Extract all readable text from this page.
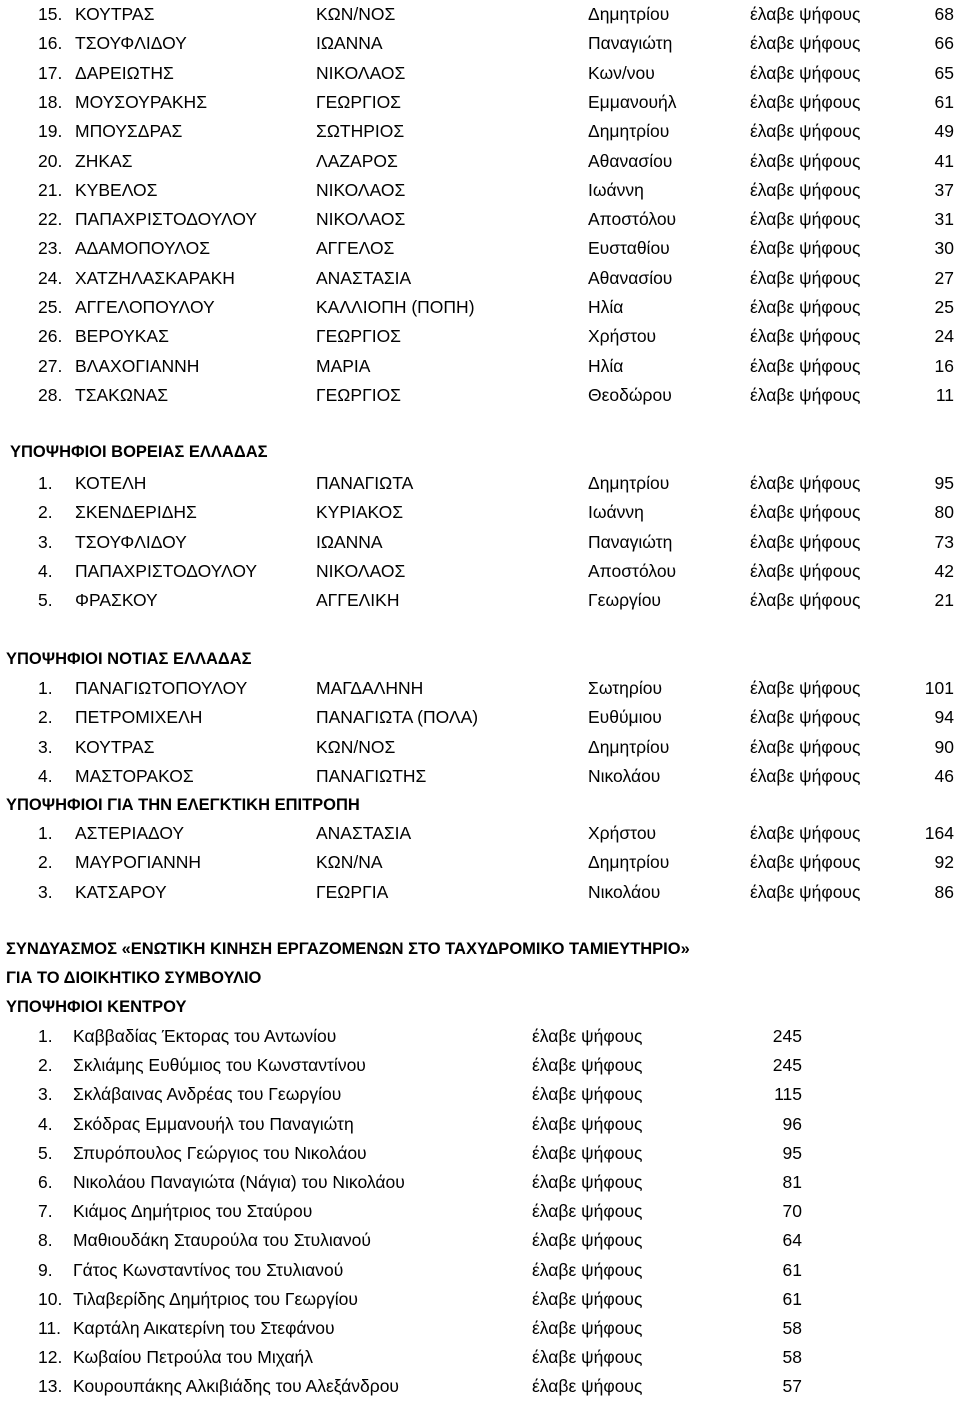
ΥΠΟΨΗΦΙΟΙ ΒΟΡΕΙΑΣ ΕΛΛΑΔΑΣ
ΥΠΟΨΗΦΙΟΙ ΝΟΤΙΑΣ ΕΛΛΑΔΑΣ
ΥΠΟΨΗΦΙΟΙ ΓΙΑ ΤΗΝ ΕΛΕΓΚΤΙΚΗ ΕΠΙΤΡΟΠΗ
ΣΥΝΔΥΑΣΜΟΣ «ΕΝΩΤΙΚΗ ΚΙΝΗΣΗ ΕΡΓΑΖΟΜΕΝΩΝ ΣΤΟ ΤΑΧΥΔΡΟΜΙΚΟ ΤΑΜΙΕΥΤΗΡΙΟ»
ΓΙΑ ΤΟ ΔΙΟΙΚΗΤΙΚΟ ΣΥΜΒΟΥΛΙΟ
ΥΠΟΨΗΦΙΟΙ ΚΕΝΤΡΟΥ
15. ΚΟΥΤΡΑΣ	ΚΩΝ/ΝΟΣ	Δημητρίου	έλαβε ψήφους	68
16. ΤΣΟΥΦΛΙΔΟΥ	ΙΩΑΝΝΑ	Παναγιώτη	έλαβε ψήφους	66
17. ΔΑΡΕΙΩΤΗΣ	ΝΙΚΟΛΑΟΣ	Κων/νου	έλαβε ψήφους	65
18. ΜΟΥΣΟΥΡΑΚΗΣ	ΓΕΩΡΓΙΟΣ	Εμμανουήλ	έλαβε ψήφους	61
19. ΜΠΟΥΣΔΡΑΣ	ΣΩΤΗΡΙΟΣ	Δημητρίου	έλαβε ψήφους	49
20. ΖΗΚΑΣ	ΛΑΖΑΡΟΣ	Αθανασίου	έλαβε ψήφους	41
21. ΚΥΒΕΛΟΣ	ΝΙΚΟΛΑΟΣ	Ιωάννη	έλαβε ψήφους	37
22. ΠΑΠΑΧΡΙΣΤΟΔΟΥΛΟΥ	ΝΙΚΟΛΑΟΣ	Αποστόλου	έλαβε ψήφους	31
23. ΑΔΑΜΟΠΟΥΛΟΣ	ΑΓΓΕΛΟΣ	Ευσταθίου	έλαβε ψήφους	30
24. ΧΑΤΖΗΛΑΣΚΑΡΑΚΗ	ΑΝΑΣΤΑΣΙΑ	Αθανασίου	έλαβε ψήφους	27
25. ΑΓΓΕΛΟΠΟΥΛΟΥ	ΚΑΛΛΙΟΠΗ (ΠΟΠΗ)	Ηλία	έλαβε ψήφους	25
26. ΒΕΡΟΥΚΑΣ	ΓΕΩΡΓΙΟΣ	Χρήστου	έλαβε ψήφους	24
27. ΒΛΑΧΟΓΙΑΝΝΗ	ΜΑΡΙΑ	Ηλία	έλαβε ψήφους	16
28. ΤΣΑΚΩΝΑΣ	ΓΕΩΡΓΙΟΣ	Θεοδώρου	έλαβε ψήφους	11
1. ΚΟΤΕΛΗ	ΠΑΝΑΓΙΩΤΑ	Δημητρίου	έλαβε ψήφους	95
2. ΣΚΕΝΔΕΡΙΔΗΣ	ΚΥΡΙΑΚΟΣ	Ιωάννη	έλαβε ψήφους	80
3. ΤΣΟΥΦΛΙΔΟΥ	ΙΩΑΝΝΑ	Παναγιώτη	έλαβε ψήφους	73
4. ΠΑΠΑΧΡΙΣΤΟΔΟΥΛΟΥ	ΝΙΚΟΛΑΟΣ	Αποστόλου	έλαβε ψήφους	42
5. ΦΡΑΣΚΟΥ	ΑΓΓΕΛΙΚΗ	Γεωργίου	έλαβε ψήφους	21
1. ΠΑΝΑΓΙΩΤΟΠΟΥΛΟΥ	ΜΑΓΔΑΛΗΝΗ	Σωτηρίου	έλαβε ψήφους	101
2. ΠΕΤΡΟΜΙΧΕΛΗ	ΠΑΝΑΓΙΩΤΑ (ΠΟΛΑ)	Ευθύμιου	έλαβε ψήφους	94
3. ΚΟΥΤΡΑΣ	ΚΩΝ/ΝΟΣ	Δημητρίου	έλαβε ψήφους	90
4. ΜΑΣΤΟΡΑΚΟΣ	ΠΑΝΑΓΙΩΤΗΣ	Νικολάου	έλαβε ψήφους	46
1. ΑΣΤΕΡΙΑΔΟΥ	ΑΝΑΣΤΑΣΙΑ	Χρήστου	έλαβε ψήφους	164
2. ΜΑΥΡΟΓΙΑΝΝΗ	ΚΩΝ/ΝΑ	Δημητρίου	έλαβε ψήφους	92
3. ΚΑΤΣΑΡΟΥ	ΓΕΩΡΓΙΑ	Νικολάου	έλαβε ψήφους	86
1. Καββαδίας Έκτορας του Αντωνίου	έλαβε ψήφους	245
2. Σκλιάμης Ευθύμιος του Κωνσταντίνου	έλαβε ψήφους	245
3. Σκλάβαινας Ανδρέας του Γεωργίου	έλαβε ψήφους	115
4. Σκόδρας Εμμανουήλ του Παναγιώτη	έλαβε ψήφους	96
5. Σπυρόπουλος Γεώργιος του Νικολάου	έλαβε ψήφους	95
6. Νικολάου Παναγιώτα (Νάγια) του Νικολάου	έλαβε ψήφους	81
7. Κιάμος Δημήτριος του Σταύρου	έλαβε ψήφους	70
8. Μαθιουδάκη Σταυρούλα του Στυλιανού	έλαβε ψήφους	64
9. Γάτος Κωνσταντίνος του Στυλιανού	έλαβε ψήφους	61
10. Τιλαβερίδης Δημήτριος του Γεωργίου	έλαβε ψήφους	61
11. Καρτάλη Αικατερίνη του Στεφάνου	έλαβε ψήφους	58
12. Κωβαίου Πετρούλα του Μιχαήλ	έλαβε ψήφους	58
13. Κουρουπάκης Αλκιβιάδης του Αλεξάνδρου	έλαβε ψήφους	57
